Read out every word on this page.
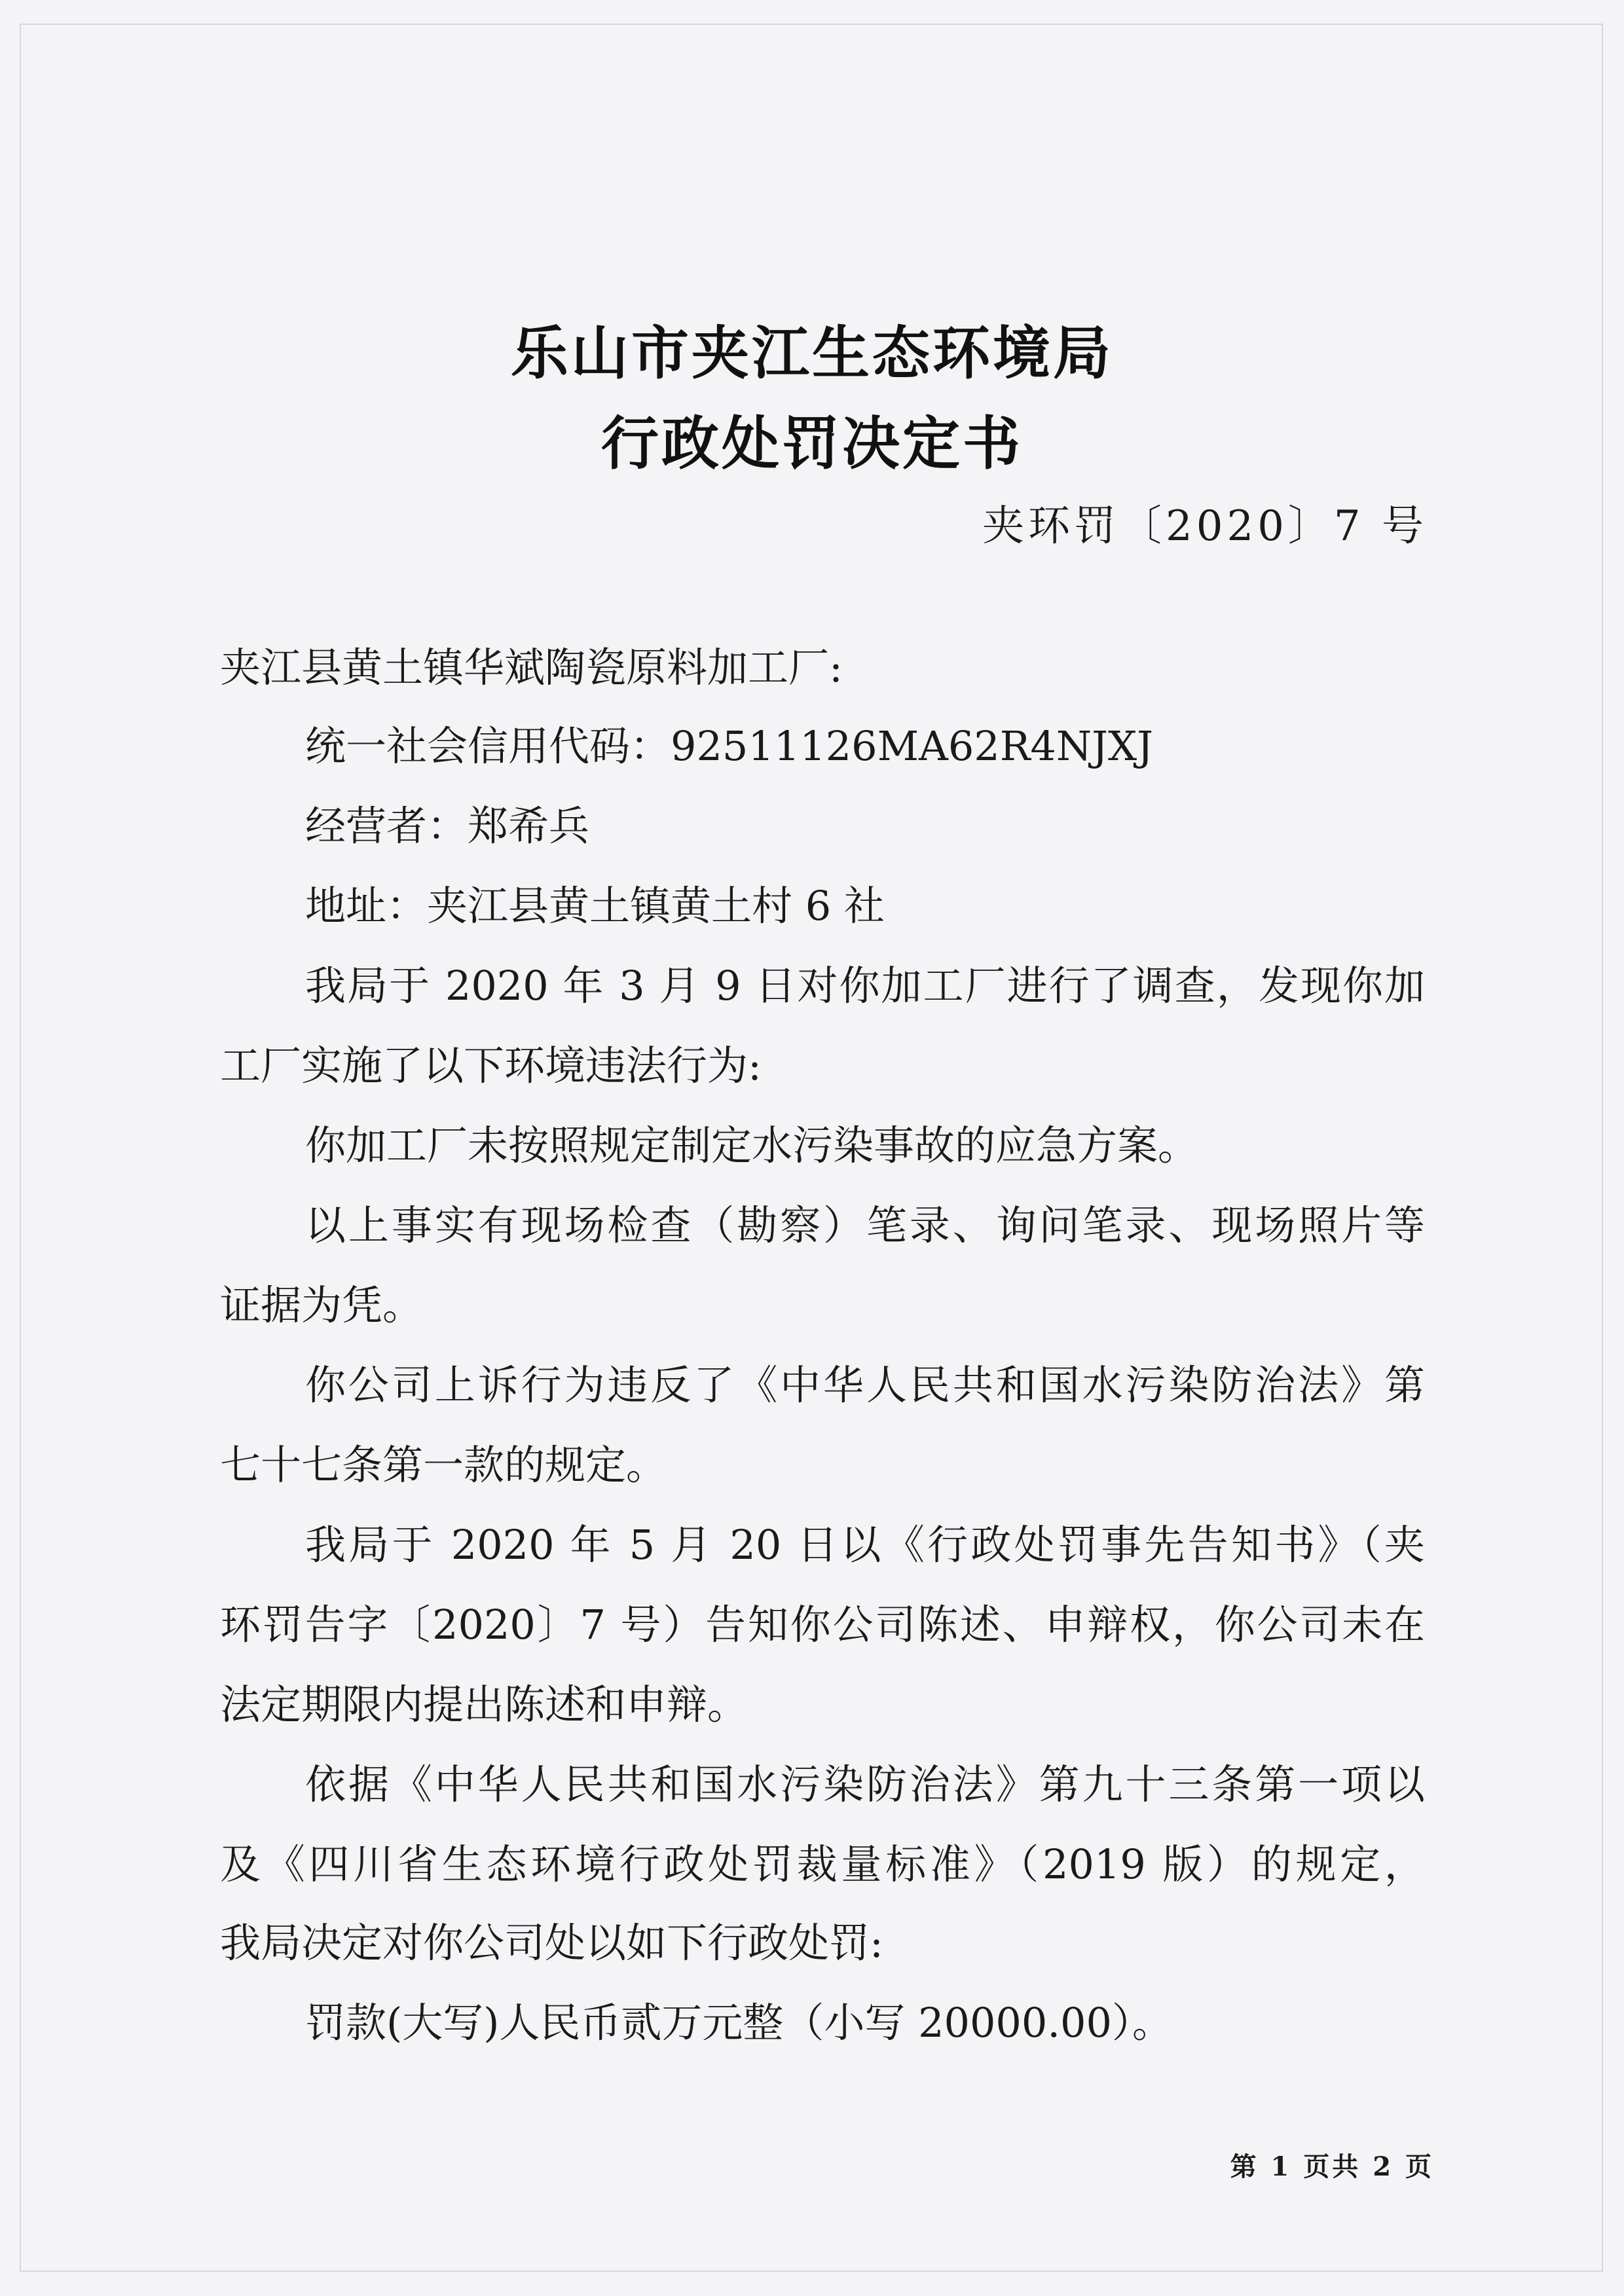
乐山市夹江生态环境局
行政处罚决定书
夹环罚〔2020〕7 号
夹江县黄土镇华斌陶瓷原料加工厂:
统一社会信用代码：92511126MA62R4NJXJ
经营者：郑希兵
地址：夹江县黄土镇黄土村 6 社
我局于 2020 年 3 月 9 日对你加工厂进行了调查，发现你加
工厂实施了以下环境违法行为:
你加工厂未按照规定制定水污染事故的应急方案。
以上事实有现场检查（勘察）笔录、询问笔录、现场照片等
证据为凭。
你公司上诉行为违反了《中华人民共和国水污染防治法》第
七十七条第一款的规定。
我局于 2020 年 5 月 20 日以《行政处罚事先告知书》（夹
环罚告字〔2020〕7 号）告知你公司陈述、申辩权，你公司未在
法定期限内提出陈述和申辩。
依据《中华人民共和国水污染防治法》第九十三条第一项以
及《四川省生态环境行政处罚裁量标准》（2019 版）的规定，
我局决定对你公司处以如下行政处罚:
罚款(大写)人民币贰万元整（小写 20000.00）。
第 1 页共 2 页
